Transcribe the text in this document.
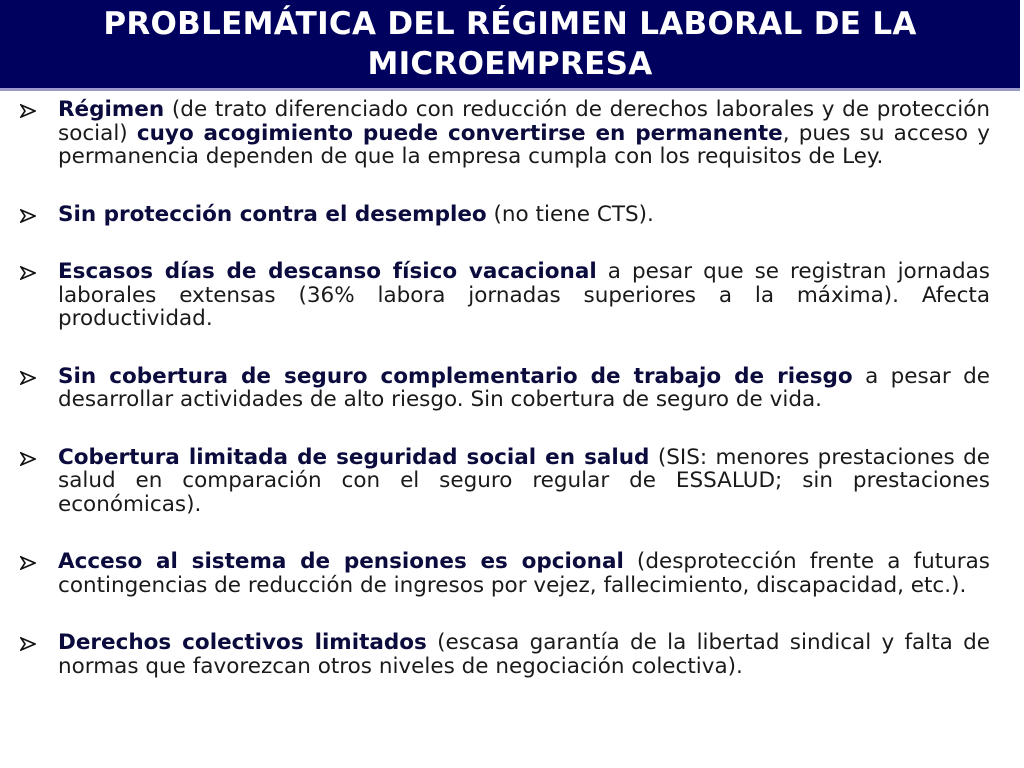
PROBLEMÁTICA DEL RÉGIMEN LABORAL DE LA MICROEMPRESA
Régimen (de trato diferenciado con reducción de derechos laborales y de protección social) cuyo acogimiento puede convertirse en permanente, pues su acceso y permanencia dependen de que la empresa cumpla con los requisitos de Ley.
Sin protección contra el desempleo (no tiene CTS).
Escasos días de descanso físico vacacional a pesar que se registran jornadas laborales extensas (36% labora jornadas superiores a la máxima). Afecta productividad.
Sin cobertura de seguro complementario de trabajo de riesgo a pesar de desarrollar actividades de alto riesgo. Sin cobertura de seguro de vida.
Cobertura limitada de seguridad social en salud (SIS: menores prestaciones de salud en comparación con el seguro regular de ESSALUD; sin prestaciones económicas).
Acceso al sistema de pensiones es opcional (desprotección frente a futuras contingencias de reducción de ingresos por vejez, fallecimiento, discapacidad, etc.).
Derechos colectivos limitados (escasa garantía de la libertad sindical y falta de normas que favorezcan otros niveles de negociación colectiva).
